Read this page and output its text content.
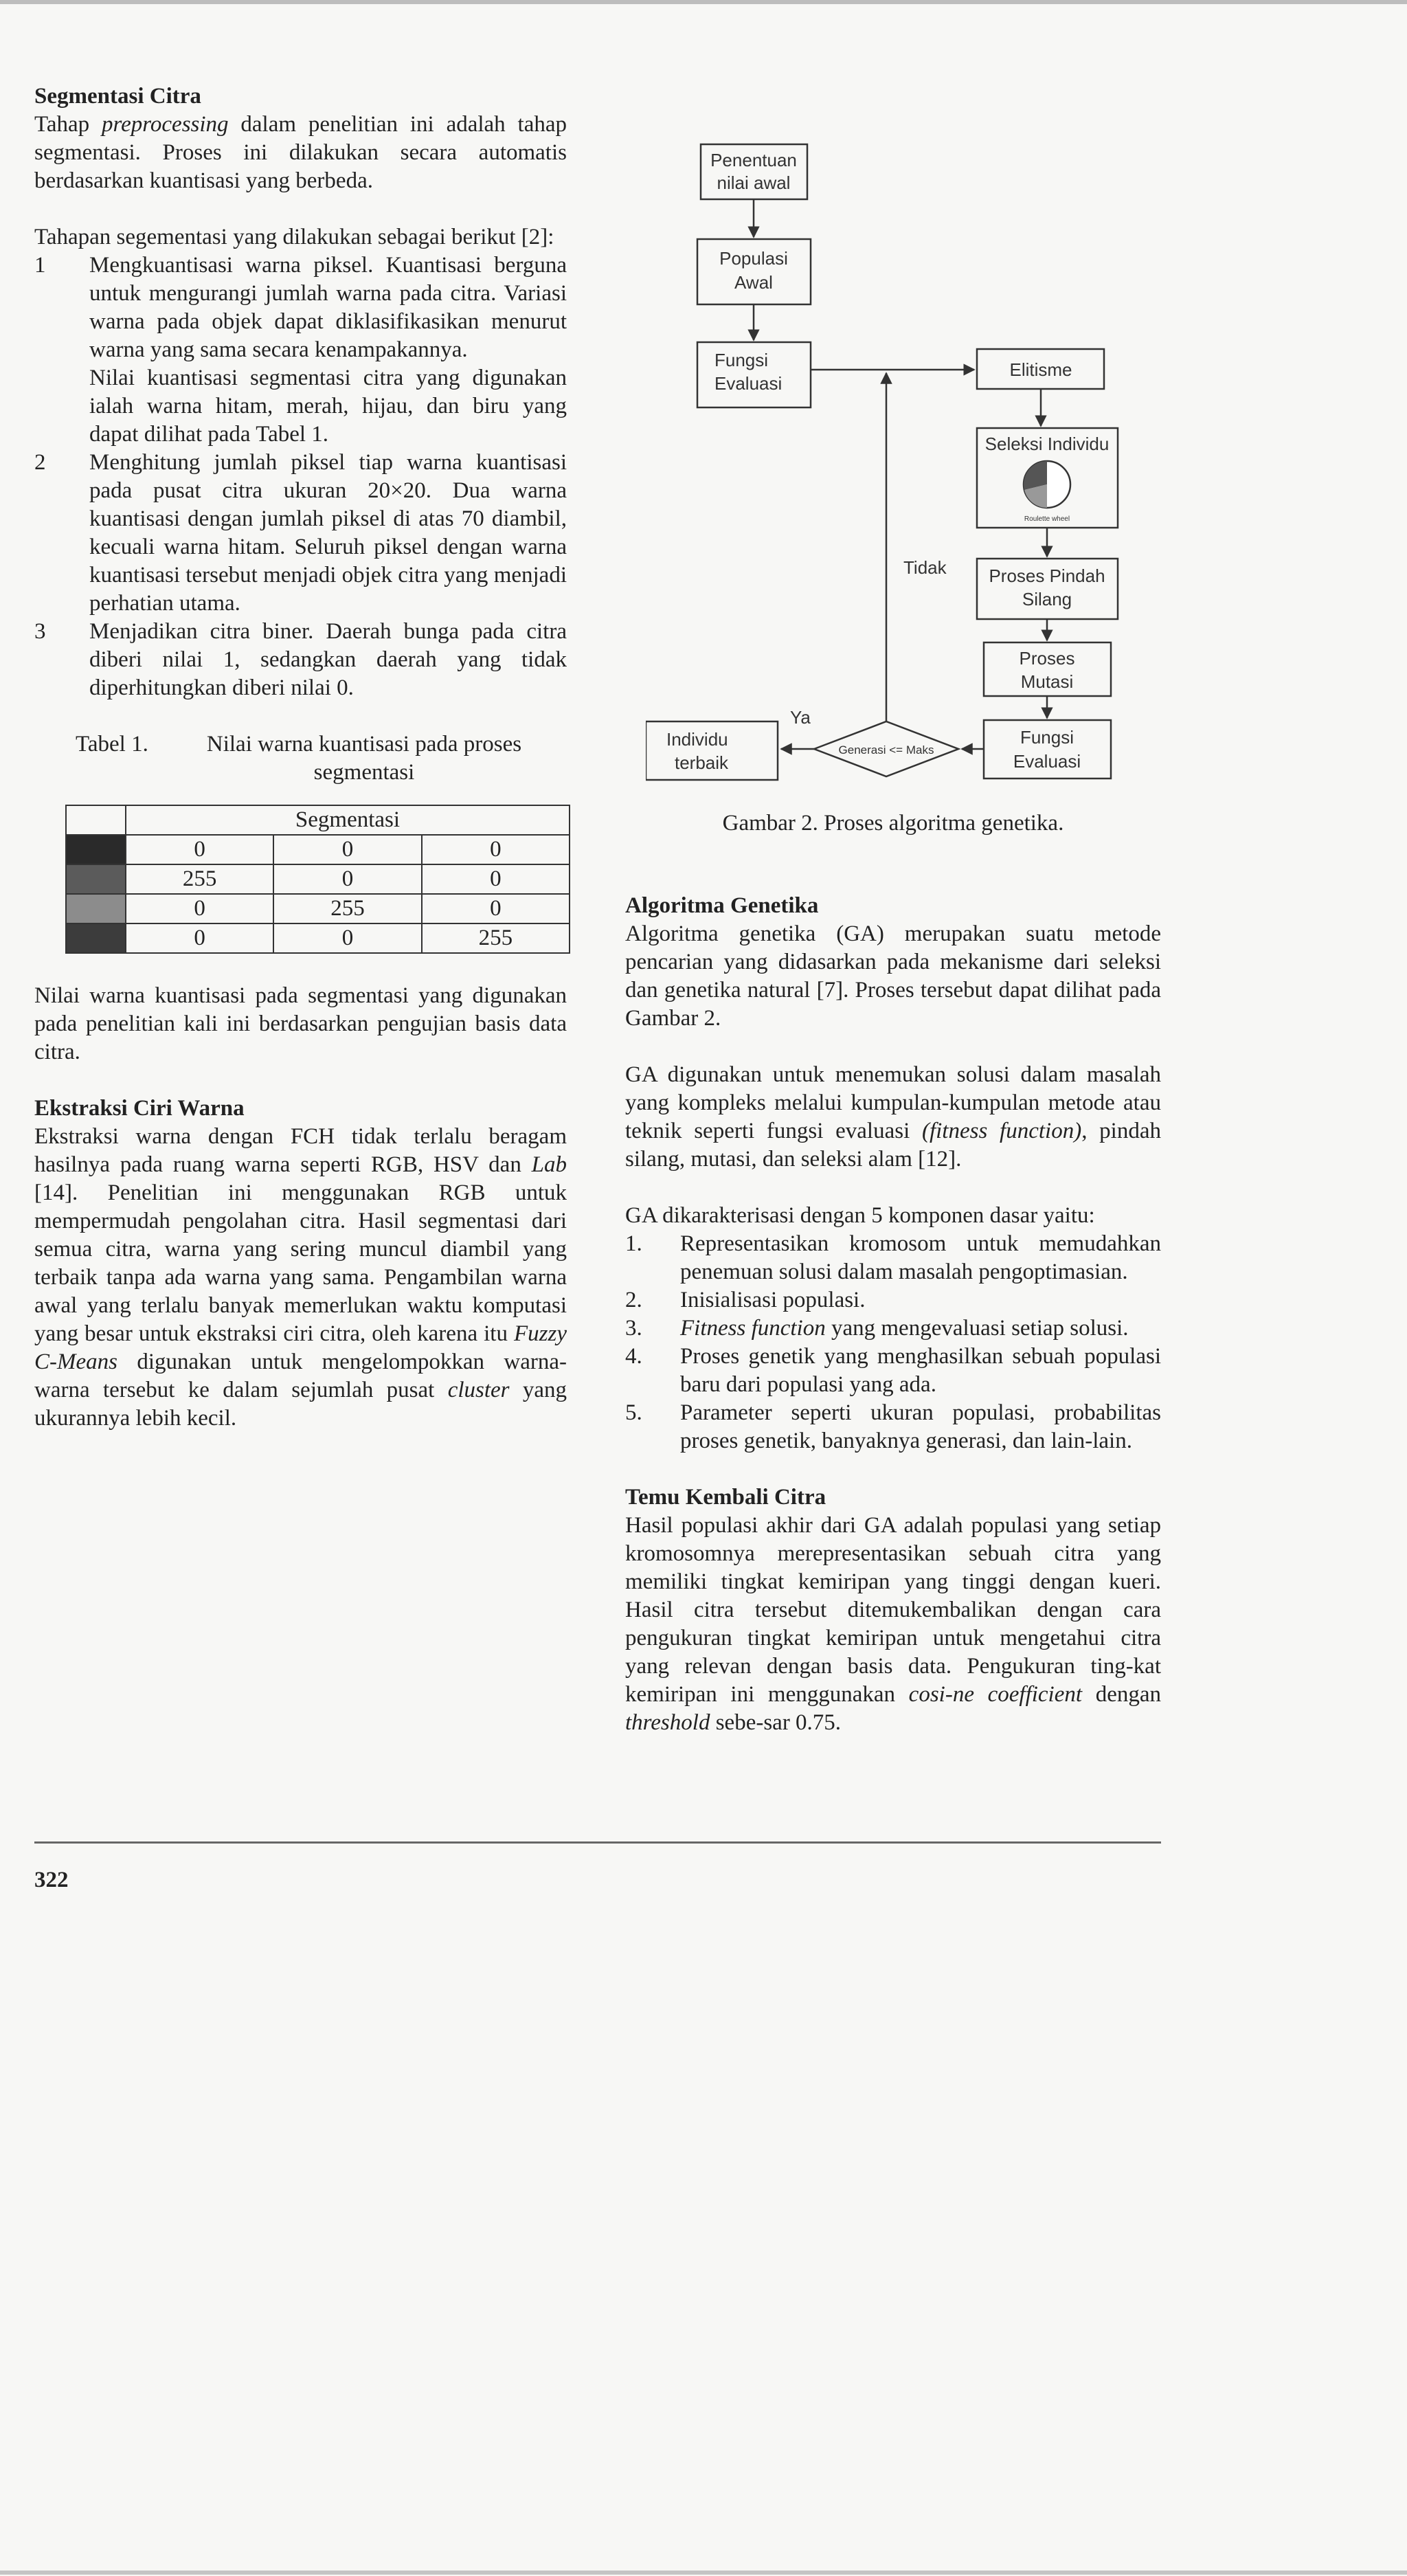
Segmentasi Citra

Tahap preprocessing dalam penelitian ini adalah tahap segmentasi. Proses ini dilakukan secara automatis berdasarkan kuantisasi yang berbeda.

Tahapan segementasi yang dilakukan sebagai berikut [2]:

1 Mengkuantisasi warna piksel. Kuantisasi berguna untuk mengurangi jumlah warna pada citra. Variasi warna pada objek dapat diklasifikasikan menurut warna yang sama secara kenampakannya.
Nilai kuantisasi segmentasi citra yang digunakan ialah warna hitam, merah, hijau, dan biru yang dapat dilihat pada Tabel 1.
2 Menghitung jumlah piksel tiap warna kuantisasi pada pusat citra ukuran 20×20. Dua warna kuantisasi dengan jumlah piksel di atas 70 diambil, kecuali warna hitam. Seluruh piksel dengan warna kuantisasi tersebut menjadi objek citra yang menjadi perhatian utama.
3 Menjadikan citra biner. Daerah bunga pada citra diberi nilai 1, sedangkan daerah yang tidak diperhitungkan diberi nilai 0.
Tabel 1.	Nilai warna kuantisasi pada proses segmentasi
	Segmentasi		
	0	0	0
	255	0	0
	0	255	0
	0	0	255

Nilai warna kuantisasi pada segmentasi yang digunakan pada penelitian kali ini berdasarkan pengujian basis data citra.

Ekstraksi Ciri Warna

Ekstraksi warna dengan FCH tidak terlalu beragam hasilnya pada ruang warna seperti RGB, HSV dan Lab [14]. Penelitian ini menggunakan RGB untuk mempermudah pengolahan citra. Hasil segmentasi dari semua citra, warna yang sering muncul diambil yang terbaik tanpa ada warna yang sama. Pengambilan warna awal yang terlalu banyak memerlukan waktu komputasi yang besar untuk ekstraksi ciri citra, oleh karena itu Fuzzy C-Means digunakan untuk mengelompokkan warna-warna tersebut ke dalam sejumlah pusat cluster yang ukurannya lebih kecil.

Penentuan
nilai awal
Populasi
Awal
Fungsi
Evaluasi
Elitisme
Seleksi Individu
Roulette wheel
Proses Pindah
Silang
Proses
Mutasi
Fungsi
Evaluasi
Generasi <= Maks
Tidak
Ya
Individu
terbaik
Gambar 2. Proses algoritma genetika.

Algoritma Genetika

Algoritma genetika (GA) merupakan suatu metode pencarian yang didasarkan pada mekanisme dari seleksi dan genetika natural [7]. Proses tersebut dapat dilihat pada Gambar 2.

GA digunakan untuk menemukan solusi dalam masalah yang kompleks melalui kumpulan-kumpulan metode atau teknik seperti fungsi evaluasi (fitness function), pindah silang, mutasi, dan seleksi alam [12].

GA dikarakterisasi dengan 5 komponen dasar yaitu:

1. Representasikan kromosom untuk memudahkan penemuan solusi dalam masalah pengoptimasian.
2. Inisialisasi populasi.
3. Fitness function yang mengevaluasi setiap solusi.
4. Proses genetik yang menghasilkan sebuah populasi baru dari populasi yang ada.
5. Parameter seperti ukuran populasi, probabilitas proses genetik, banyaknya generasi, dan lain-lain.

Temu Kembali Citra

Hasil populasi akhir dari GA adalah populasi yang setiap kromosomnya merepresentasikan sebuah citra yang memiliki tingkat kemiripan yang tinggi dengan kueri. Hasil citra tersebut ditemukembalikan dengan cara pengukuran tingkat kemiripan untuk mengetahui citra yang relevan dengan basis data. Pengukuran ting-kat kemiripan ini menggunakan cosi-ne coefficient dengan threshold sebe-sar 0.75.

322
